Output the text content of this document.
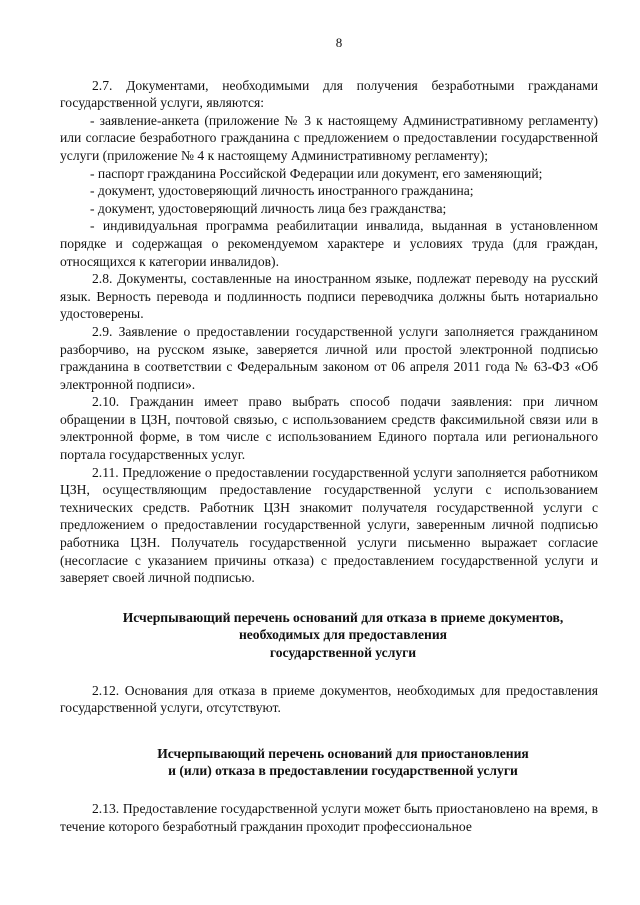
8

2.7. Документами, необходимыми для получения безработными гражданами государственной услуги, являются:

- заявление-анкета (приложение № 3 к настоящему Административному регламенту) или согласие безработного гражданина с предложением о предоставлении государственной услуги (приложение № 4 к настоящему Административному регламенту);

- паспорт гражданина Российской Федерации или документ, его заменяющий;

- документ, удостоверяющий личность иностранного гражданина;

- документ, удостоверяющий личность лица без гражданства;

- индивидуальная программа реабилитации инвалида, выданная в установленном порядке и содержащая о рекомендуемом характере и условиях труда (для граждан, относящихся к категории инвалидов).

2.8. Документы, составленные на иностранном языке, подлежат переводу на русский язык. Верность перевода и подлинность подписи переводчика должны быть нотариально удостоверены.

2.9. Заявление о предоставлении государственной услуги заполняется гражданином разборчиво, на русском языке, заверяется личной или простой электронной подписью гражданина в соответствии с Федеральным законом от 06 апреля 2011 года № 63-ФЗ «Об электронной подписи».

2.10. Гражданин имеет право выбрать способ подачи заявления: при личном обращении в ЦЗН, почтовой связью, с использованием средств факсимильной связи или в электронной форме, в том числе с использованием Единого портала или регионального портала государственных услуг.

2.11. Предложение о предоставлении государственной услуги заполняется работником ЦЗН, осуществляющим предоставление государственной услуги с использованием технических средств. Работник ЦЗН знакомит получателя государственной услуги с предложением о предоставлении государственной услуги, заверенным личной подписью работника ЦЗН. Получатель государственной услуги письменно выражает согласие (несогласие с указанием причины отказа) с предоставлением государственной услуги и заверяет своей личной подписью.

Исчерпывающий перечень оснований для отказа в приеме документов,
необходимых для предоставления
государственной услуги

2.12. Основания для отказа в приеме документов, необходимых для предоставления государственной услуги, отсутствуют.

Исчерпывающий перечень оснований для приостановления
и (или) отказа в предоставлении государственной услуги

2.13. Предоставление государственной услуги может быть приостановлено на время, в течение которого безработный гражданин проходит профессиональное
